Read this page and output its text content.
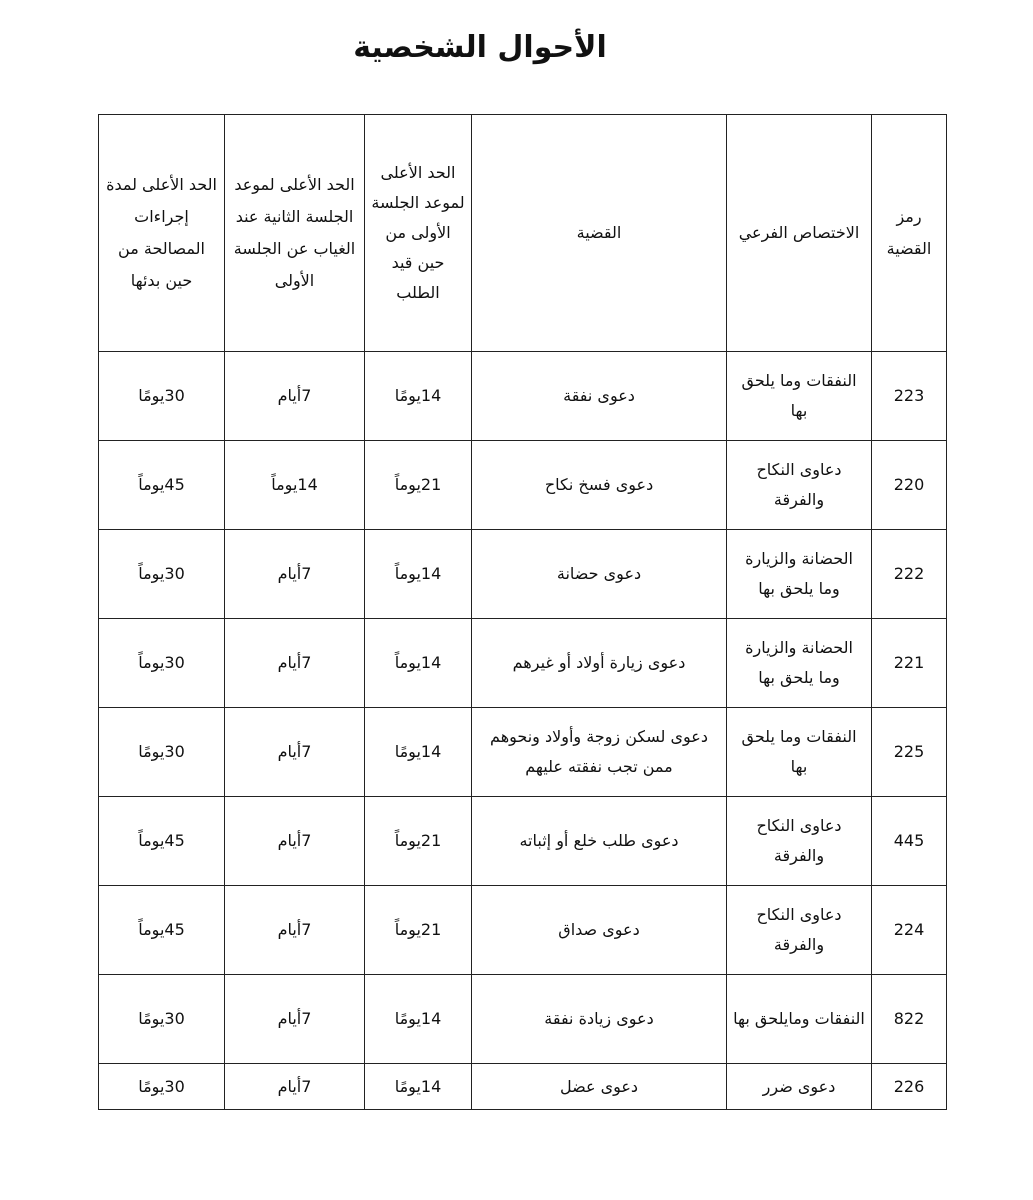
الأحوال الشخصية
رمز القضية	الاختصاص الفرعي	القضية	الحد الأعلى لموعد الجلسة الأولى من حين قيد الطلب	الحد الأعلى لموعد الجلسة الثانية عند الغياب عن الجلسة الأولى	الحد الأعلى لمدة إجراءات المصالحة من حين بدئها
223	النفقات وما يلحق بها	دعوى نفقة	14يومًا	7أيام	30يومًا
220	دعاوى النكاح والفرقة	دعوى فسخ نكاح	21يوماً	14يوماً	45يوماً
222	الحضانة والزيارة وما يلحق بها	دعوى حضانة	14يوماً	7أيام	30يوماً
221	الحضانة والزيارة وما يلحق بها	دعوى زيارة أولاد أو غيرهم	14يوماً	7أيام	30يوماً
225	النفقات وما يلحق بها	دعوى لسكن زوجة وأولاد ونحوهم ممن تجب نفقته عليهم	14يومًا	7أيام	30يومًا
445	دعاوى النكاح والفرقة	دعوى طلب خلع أو إثباته	21يوماً	7أيام	45يوماً
224	دعاوى النكاح والفرقة	دعوى صداق	21يوماً	7أيام	45يوماً
822	النفقات ومايلحق بها	دعوى زيادة نفقة	14يومًا	7أيام	30يومًا
226	دعوى ضرر	دعوى عضل	14يومًا	7أيام	30يومًا
